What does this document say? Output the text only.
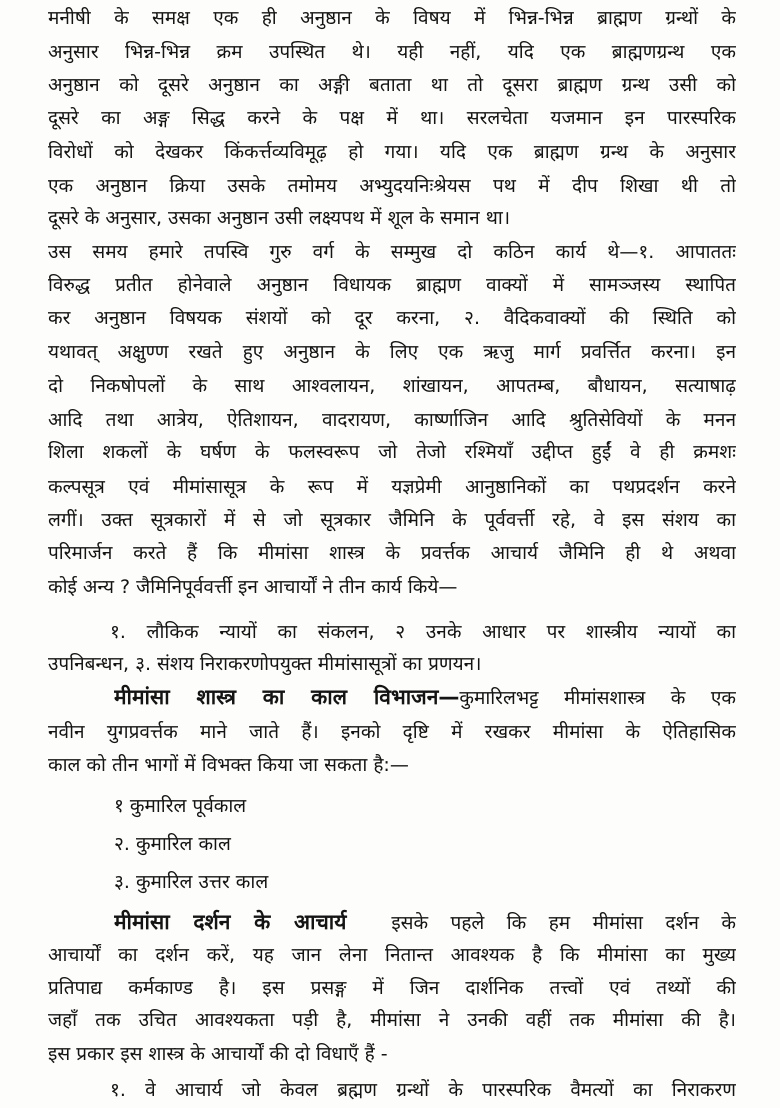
मनीषी के समक्ष एक ही अनुष्ठान के विषय में भिन्न-भिन्न ब्राह्मण ग्रन्थों के
अनुसार भिन्न-भिन्न क्रम उपस्थित थे। यही नहीं, यदि एक ब्राह्मणग्रन्थ एक
अनुष्ठान को दूसरे अनुष्ठान का अङ्गी बताता था तो दूसरा ब्राह्मण ग्रन्थ उसी को
दूसरे का अङ्ग सिद्ध करने के पक्ष में था। सरलचेता यजमान इन पारस्परिक
विरोधों को देखकर किंकर्त्तव्यविमूढ़ हो गया। यदि एक ब्राह्मण ग्रन्थ के अनुसार
एक अनुष्ठान क्रिया उसके तमोमय अभ्युदयनिःश्रेयस पथ में दीप शिखा थी तो
दूसरे के अनुसार, उसका अनुष्ठान उसी लक्ष्यपथ में शूल के समान था।
उस समय हमारे तपस्वि गुरु वर्ग के सम्मुख दो कठिन कार्य थे—१. आपाततः
विरुद्ध प्रतीत होनेवाले अनुष्ठान विधायक ब्राह्मण वाक्यों में सामञ्जस्य स्थापित
कर अनुष्ठान विषयक संशयों को दूर करना, २. वैदिकवाक्यों की स्थिति को
यथावत् अक्षुण्ण रखते हुए अनुष्ठान के लिए एक ऋजु मार्ग प्रवर्त्तित करना। इन
दो निकषोपलों के साथ आश्वलायन, शांखायन, आपतम्ब, बौधायन, सत्याषाढ़
आदि तथा आत्रेय, ऐतिशायन, वादरायण, कार्ष्णाजिन आदि श्रुतिसेवियों के मनन
शिला शकलों के घर्षण के फलस्वरूप जो तेजो रश्मियाँ उद्दीप्त हुईं वे ही क्रमशः
कल्पसूत्र एवं मीमांसासूत्र के रूप में यज्ञप्रेमी आनुष्ठानिकों का पथप्रदर्शन करने
लगीं। उक्त सूत्रकारों में से जो सूत्रकार जैमिनि के पूर्ववर्त्ती रहे, वे इस संशय का
परिमार्जन करते हैं कि मीमांसा शास्त्र के प्रवर्त्तक आचार्य जैमिनि ही थे अथवा
कोई अन्य ? जैमिनिपूर्ववर्त्ती इन आचार्यों ने तीन कार्य किये—
१. लौकिक न्यायों का संकलन, २ उनके आधार पर शास्त्रीय न्यायों का
उपनिबन्धन, ३. संशय निराकरणोपयुक्त मीमांसासूत्रों का प्रणयन।
मीमांसा शास्त्र का काल विभाजन—कुमारिलभट्ट मीमांसशास्त्र के एक
नवीन युगप्रवर्त्तक माने जाते हैं। इनको दृष्टि में रखकर मीमांसा के ऐतिहासिक
काल को तीन भागों में विभक्त किया जा सकता है:—
१ कुमारिल पूर्वकाल
२. कुमारिल काल
३. कुमारिल उत्तर काल
मीमांसा दर्शन के आचार्य इसके पहले कि हम मीमांसा दर्शन के
आचार्यों का दर्शन करें, यह जान लेना नितान्त आवश्यक है कि मीमांसा का मुख्य
प्रतिपाद्य कर्मकाण्ड है। इस प्रसङ्ग में जिन दार्शनिक तत्त्वों एवं तथ्यों की
जहाँ तक उचित आवश्यकता पड़ी है, मीमांसा ने उनकी वहीं तक मीमांसा की है।
इस प्रकार इस शास्त्र के आचार्यों की दो विधाएँ हैं -
१. वे आचार्य जो केवल ब्रह्मण ग्रन्थों के पारस्परिक वैमत्यों का निराकरण
